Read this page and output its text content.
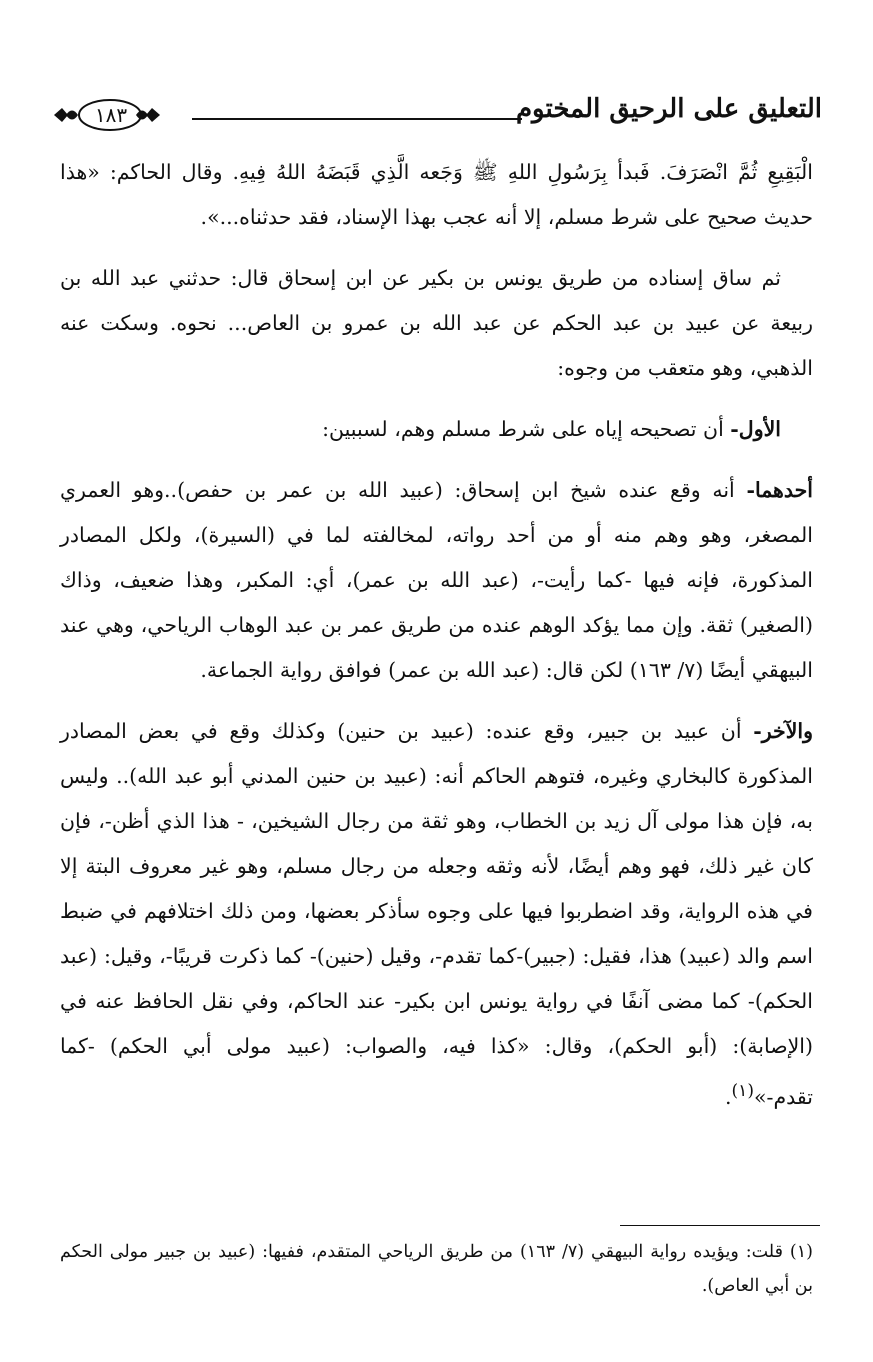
التعليق على الرحيق المختوم
١٨٣

الْبَقِيعِ ثُمَّ انْصَرَفَ. فَبدأ بِرَسُولِ اللهِ ﷺ وَجَعه الَّذِي قَبَضَهُ اللهُ فِيهِ. وقال الحاكم: «هذا حديث صحيح على شرط مسلم، إلا أنه عجب بهذا الإسناد، فقد حدثناه...».

ثم ساق إسناده من طريق يونس بن بكير عن ابن إسحاق قال: حدثني عبد الله بن ربيعة عن عبيد بن عبد الحكم عن عبد الله بن عمرو بن العاص... نحوه. وسكت عنه الذهبي، وهو متعقب من وجوه:

الأول- أن تصحيحه إياه على شرط مسلم وهم، لسببين:

أحدهما- أنه وقع عنده شيخ ابن إسحاق: (عبيد الله بن عمر بن حفص)..وهو العمري المصغر، وهو وهم منه أو من أحد رواته، لمخالفته لما في (السيرة)، ولكل المصادر المذكورة، فإنه فيها -كما رأيت-، (عبد الله بن عمر)، أي: المكبر، وهذا ضعيف، وذاك (الصغير) ثقة. وإن مما يؤكد الوهم عنده من طريق عمر بن عبد الوهاب الرياحي، وهي عند البيهقي أيضًا (٧/ ١٦٣) لكن قال: (عبد الله بن عمر) فوافق رواية الجماعة.

والآخر- أن عبيد بن جبير، وقع عنده: (عبيد بن حنين) وكذلك وقع في بعض المصادر المذكورة كالبخاري وغيره، فتوهم الحاكم أنه: (عبيد بن حنين المدني أبو عبد الله).. وليس به، فإن هذا مولى آل زيد بن الخطاب، وهو ثقة من رجال الشيخين، - هذا الذي أظن-، فإن كان غير ذلك، فهو وهم أيضًا، لأنه وثقه وجعله من رجال مسلم، وهو غير معروف البتة إلا في هذه الرواية، وقد اضطربوا فيها على وجوه سأذكر بعضها، ومن ذلك اختلافهم في ضبط اسم والد (عبيد) هذا، فقيل: (جبير)-كما تقدم-، وقيل (حنين)- كما ذكرت قريبًا-، وقيل: (عبد الحكم)- كما مضى آنفًا في رواية يونس ابن بكير- عند الحاكم، وفي نقل الحافظ عنه في (الإصابة): (أبو الحكم)، وقال: «كذا فيه، والصواب: (عبيد مولى أبي الحكم) -كما تقدم-»$^{(١)}$.

(١) قلت: ويؤيده رواية البيهقي (٧/ ١٦٣) من طريق الرياحي المتقدم، ففيها: (عبيد بن جبير مولى الحكم بن أبي العاص).
